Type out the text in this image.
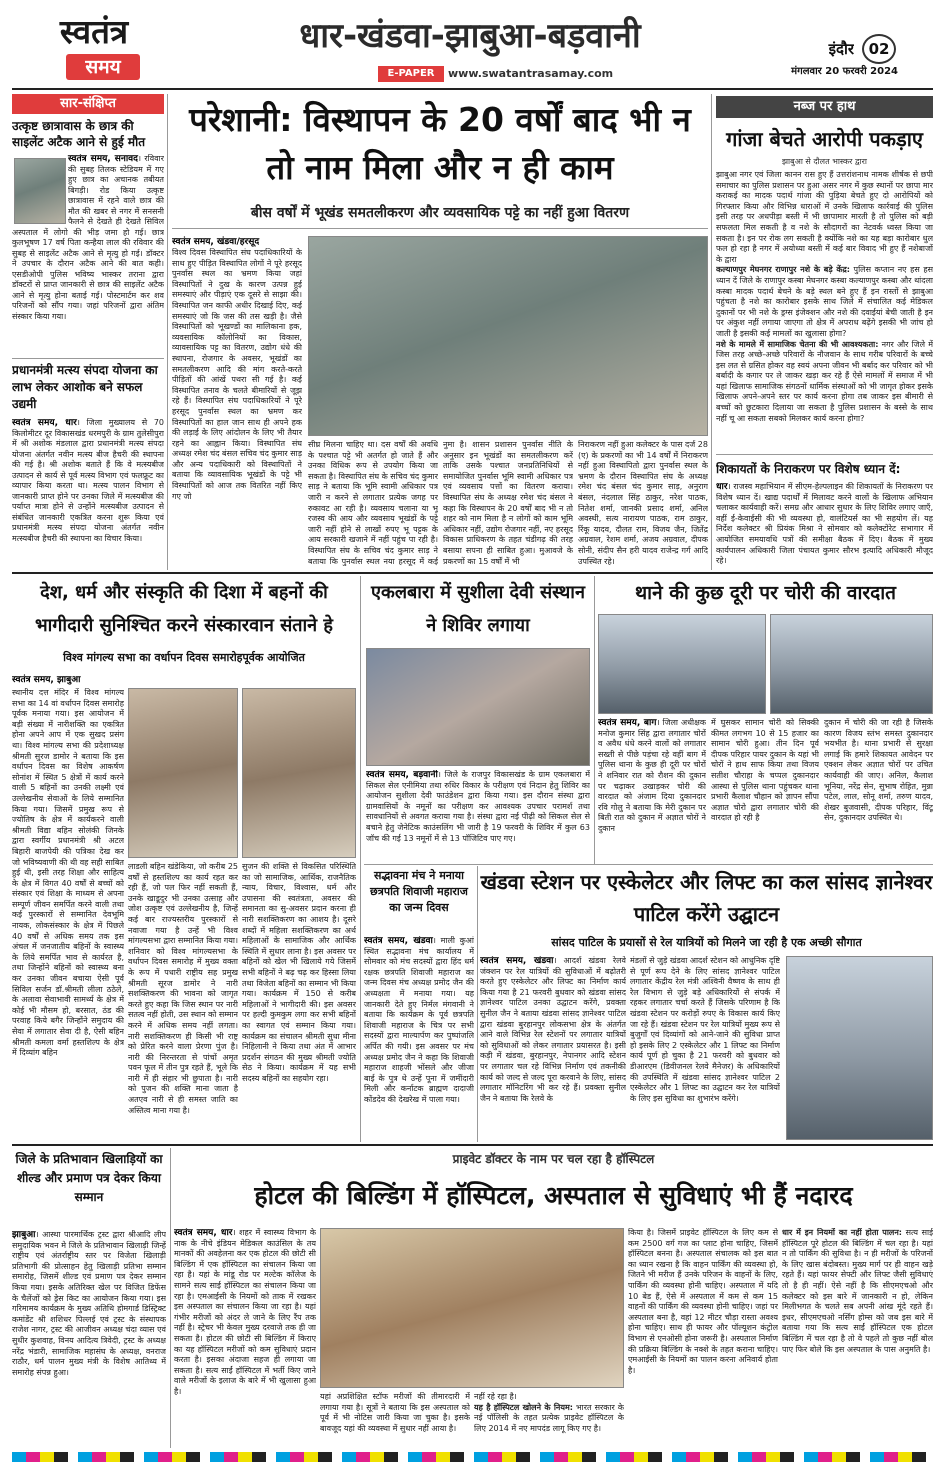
स्वतंत्र
समय
धार-खंडवा-झाबुआ-बड़वानी
E-PAPER	www.swatantrasamay.com
इंदौर 02
मंगलवार 20 फरवरी 2024
सार-संक्षिप्त
उत्कृष्ट छात्रावास के छात्र की साइलेंट अटैक आने से हुई मौत
स्वतंत्र समय, सनावद। रविवार की सुबह तिलक स्टेडियम में गए हुए छात्र का अचानक तबीयत बिगड़ी। रोड किया उत्कृष्ट छात्रावास में रहने वाले छात्र की मौत की खबर से नगर में सनसनी फैलने से देखते ही देखते सिविल अस्पताल में लोगो की भीड़ जमा हो गई। छात्र कुलभूषण 17 वर्ष पिता कन्हैया लाल की रविवार की सुबह से साइलेंट अटैक आने से मृत्यु हो गई। डॉक्टर ने उपचार के दौरान अटैक आने की बात कही। एसडीओपी पुलिस भविष्य भास्कर तराना द्वारा डॉक्टरों से प्राप्त जानकारी से छात्र की साइलेंट अटैक आने से मृत्यु होना बताई गई। पोस्टमार्टम कर शव परिजनों को सौंप गया। जहां परिजनों द्वारा अंतिम संस्कार किया गया।
प्रधानमंत्री मत्स्य संपदा योजना का लाभ लेकर आशोक बने सफल उद्यमी
स्वतंत्र समय, धार। जिला मुख्यालय से 70 किलोमीटर दूर विकासखंड धरमपुरी के ग्राम तुलेसीपुरा में श्री अशोक मंडलाल द्वारा प्रधानमंत्री मत्स्य संपदा योजना अंतर्गत नवीन मत्स्य बीज हैचरी की स्थापना की गई है। श्री अशोक बताते हैं कि वे मत्स्यबीज उत्पादन से कार्य से पूर्व मत्स्य विभाग एवं फलफ्रूट का व्यापार किया करता था। मत्स्य पालन विभाग से जानकारी प्राप्त होने पर उनका जिले में मत्स्यबीज की पर्याप्त मात्रा होने से उन्होंने मत्स्यबीज उत्पादन से संबंधित जानकारी एकत्रित करना शुरू किया एवं प्रधानमंत्री मत्स्य संपदा योजना अंतर्गत नवीन मत्स्यबीज हैचरी की स्थापना का विचार किया।
परेशानी: विस्थापन के 20 वर्षों बाद भी न तो नाम मिला और न ही काम
बीस वर्षों में भूखंड समतलीकरण और व्यवसायिक पट्टे का नहीं हुआ वितरण
स्वतंत्र समय, खंडवा/हरसूद
विश्व दिवस विस्थापित संघ पदाधिकारियों के साथ हुए पीड़ित विस्थापित लोगों ने पूरे हरसूद पुनर्वास स्थल का भ्रमण किया जहां विस्थापितों ने दुख के कारण उत्पन्न हुई समस्याएं और पीड़ाएं एक दूसरे से साझा की। विस्थापित जन काफी अधीर दिखाई दिए, कई समस्याएं जो कि जस की तस खड़ी है। जैसे विस्थापितों को भूखण्डों का मालिकाना हक, व्यवसायिक कॉलोनियों का विकास, व्यावसायिक पट्ट का वितरण, उद्योग धंधे की स्थापना, रोजगार के अवसर, भूखंडों का समतलीकरण आदि की मांग करते-करते पीड़ितों की आंखें पथरा सी गई है। कई विस्थापित तनाव के चलते बीमारियों से जूझ रहे हैं। विस्थापित संघ पदाधिकारियों ने पूरे हरसूद पुनर्वास स्थल का भ्रमण कर विस्थापितों का हाल जान साथ ही अपने हक की लड़ाई के लिए आंदोलन के लिए भी तैयार रहने का आह्वान किया। विस्थापित संघ अध्यक्ष रमेश चंद बंसल सचिव चंद कुमार साड़ और अन्य पदाधिकारी को विस्थापितों ने बताया कि व्यावसायिक भूखंडों के पट्टे भी विस्थापितों को आज तक वितरित नहीं किए गए जो
सीघ्र मिलना चाहिए था। दस वर्षों की अवधि के पश्चात पट्टे भी अतर्गत हो जाते हैं और उनका विधिक रूप से उपयोग किया जा सकता है। विस्थापित संघ के सचिव चंद कुमार साड़ ने बताया कि भूमि स्वामी अधिकार पत्र जारी न करने से लगातार प्रत्येक जगह पर रुकावट आ रही है। व्यवसाय चलाना या भू रजस्व की आय और व्यवसाय भूखंडों के पट्टे जारी नहीं होने से लाखों रुपए भू पट्टक के आय सरकारी खजाने में नहीं पहुंच पा रही है। विस्थापित संघ के सचिव चंद कुमार साड़ ने बताया कि पुनर्वास स्थल नया हरसूद में कई
नुमा है। शासन प्रशासन पुनर्वास नीति के अनुसार इन भूखंडों का समतलीकरण करें ताकि उसके पश्चात जनप्रतिनिधियों से समायोजित पुनर्वास भूमि स्वामी अधिकार पत्र एवं व्यवसाय पत्तों का वितरण कराया। विस्थापित संघ के अध्यक्ष रमेश चंद बंसल ने कहा कि विस्थापन के 20 वर्षों बाद भी न तो शहर को नाम मिला है न लोगों को काम भूमि अधिकार नहीं, उद्योग रोजगार नहीं, नए हरसूद विकास प्राधिकरण के तहत चंडीगढ़ की तरह बसाया सपना ही साबित हुआ। मुआवजे के प्रकरणों का 15 वर्षों में भी
निराकरण नहीं हुआ कलेक्टर के पास दर्ज 28 (ए) के प्रकरणों का भी 14 वर्षों में निराकरण नहीं हुआ विस्थापितो द्वारा पुनर्वास स्थल के भ्रमण के दौरान विस्थापित संघ के अध्यक्ष रमेश चंद बंसल चंद कुमार साड़, अनुराग बंसल, नंदलाल सिंह ठाकुर, नरेश पाठक, नितेश शर्मा, जानकी प्रसाद शर्मा, अनिल अवस्थी, सत्य नारायण पाठक, राम ठाकुर, रिंकू यादव, दौलत राम, विजय जैन, जितेंद्र अग्रवाल, रेशम शर्मा, अजय अग्रवाल, दीपक सोनी, संदीप सैन हरी यादव राजेन्द्र गर्ग आदि उपस्थित रहे।
नब्ज पर हाथ
गांजा बेचते आरोपी पकड़ाए
झाबुआ से दौलत भास्कर द्वारा
झाबुआ नगर एवं जिला कानन रास हुए हैं उत्तरांशनाथ नामक शीर्षक से छपी समाचार का पुलिस प्रशासन पर हुआ असर नगर में कुछ स्थानों पर छापा मार कराकई का मादक पदार्थ गांजा की पुड़िया बेचते हुए दो आरोपियों को गिरफ्तार किया और विभिन्न धाराओं में उनके खिलाफ कार्रवाई की पुलिस इसी तरह पर अधपीड़ा बस्ती में भी छापामार मारती है तो पुलिस को बड़ी सफलता मिल सकती है व नशे के सौदागरों का नेटवर्क ध्वस्त किया जा सकता है। इन पर रोक लग सकती है क्योंकि नशे का यह बड़ा कारोबार धुल फल हो रहा है नगर में अयोध्या बस्ती में कई बार विवाद भी हुए हैं नशेबाजों के द्वारा
कल्याणपुर मेघनगर राणापुर नशे के बड़े केंद्र: पुलिस कप्तान नए हस हस ध्यान दें जिले के राणापुर कस्बा मेघनगर कस्बा कल्याणपुर कस्बा और थांदला कस्बा मादक पदार्थ बेचने के बड़े स्थल बने हुए हैं इन रास्तों से झाबुआ पहुंचता है नशे का कारोबार इसके साथ जिले में संचालित कई मेडिकल दुकानों पर भी नशे के ड्रग्स इंजेक्शन और नशे की दवाईयां बेची जाती है इन पर अंकुश नहीं लगाया जाएगा तो क्षेत्र में अपराध बढ़ेंगे इसकी भी जांच हो जाती है इसकी कई मामलों का खुलासा होगा?
नशे के मामले में सामाजिक चेतना की भी आवश्यकता: नगर और जिले में जिस तरह अच्छे-अच्छे परिवारों के नौजवान के साथ गरीब परिवारों के बच्चे इस लत से ग्रसित होकर वह स्वयं अपना जीवन भी बर्बाद कर परिवार को भी बर्बादी के कगार पर ले जाकर खड़ा कर रहे हैं ऐसे मामलों में समाज में भी यहां खिलाफ सामाजिक संगठनों धार्मिक संस्थाओं को भी जागृत होकर इसके खिलाफ अपने-अपने स्तर पर कार्य करना होगा तब जाकर इस बीमारी से बच्चों को छुटकारा दिलाया जा सकता है पुलिस प्रशासन के बस्से के साथ नहीं चू आ सकता सबको मिलकर कार्य करना होगा?
शिकायतों के निराकरण पर विशेष ध्यान दें:
धार। राजस्व महाभियान में सीएम-हेल्पलाइन की शिकायतों के निराकरण पर विशेष ध्यान दें। खाद्य पदार्थों में मिलावट करने वालों के खिलाफ अभियान चलाकर कार्यवाही करें। समग्र और आधार सुधार के लिए शिविर लगाए जाएँ, वहीं ई-केवाईसी की भी व्यवस्था हो, वालंटियर्स का भी सहयोग लें। यह निर्देश कलेक्टर श्री प्रियंक मिश्रा ने सोमवार को कलेक्टोरेट सभागार में आयोजित समयावधि पत्रों की समीक्षा बैठक में दिए। बैठक में मुख्य कार्यपालन अधिकारी जिला पंचायत कुमार सौरभ इत्यादि अधिकारी मौजूद रहे।
देश, धर्म और संस्कृति की दिशा में बहनों की भागीदारी सुनिश्चित करने संस्कारवान संताने हे
विश्व मांगल्य सभा का वर्धापन दिवस समारोहपूर्वक आयोजित
स्वतंत्र समय, झाबुआ
स्थानीय दत्त मंदिर में विश्व मांगल्य सभा का 14 वां वर्धापन दिवस समारोह पूर्वक मनाया गया। इस आयोजन में बड़ी संख्या में नारीशक्ति का एकत्रित होना अपने आप में एक सुखद प्रसंग था। विश्व मांगल्य सभा की प्रदेशाध्यक्ष श्रीमती सुरज डामोर ने बताया कि इस वर्धापन दिवस का विशेष आकर्षण सोनांश में स्थित 5 क्षेत्रों में कार्य करने वाली 5 बहिनों का उनकी लक्ष्मी एवं उल्लेखनीय सेवाओं के लिये सम्मानित किया गया। जिसमें प्रमुख रूप से ज्योतिष के क्षेत्र में कार्यकरने वाली श्रीमती विद्या बहिन सोलंकी जिनके द्वारा स्वर्गीय प्रधानमंत्री श्री अटल बिहारी बाजपेयी की पत्रिका देख कर जो भविष्यवाणी की थी वह सही साबित हुई थी, इसी तरह शिक्षा और साहित्य के क्षेत्र में विगत 40 वर्षों से बच्चों को संस्कार एवं शिक्षा के माध्यम से अपना सम्पूर्ण जीवन समर्पित करने वाली तथा कई पुरस्कारों से सम्मानित देवभूमि नायक, लोकसंस्कार के क्षेत्र में पिछले 40 वर्षों से अधिक समय तक इस अंचल में जनजातीय बहिनों के स्वास्थ्य के लिये समर्पित भाव से कार्यरत है, तथा जिन्होंने बहिनों को स्वास्थ्य बना कर उनका जीवन बचाया ऐसी पूर्व सिविल सर्जन डॉ.श्रीमती लीला ठठेले, के अलावा सेवाभावी सामर्थ्य के क्षेत्र में कोई भी मौसम हो, बरसात, ठंड की परवाह किये बगैर जिन्होंने समुदाय की सेवा में लगातार सेवा दी है, ऐसी बहिन श्रीमती कमला वर्मा हस्तशिल्प के क्षेत्र में दिव्यांग बहिन
लाडली बहिन खंडेकिया, जो करीब 25 वर्षों से हस्तशिल्प का कार्य रहत कर रही हैं, जो पल फिर नहीं सकती हैं, उनके खाडूदुर भी उनका उत्साह और जोश उत्कृष्ट एवं उल्लेखनीय है, जिन्हें कई बार राज्यस्तरीय पुरस्कारों से नवाजा गया है उन्हें भी विश्व मांगल्यसभा द्वारा सम्मानित किया गया। शनिवार को विश्व मांगल्यसभा के वर्धापन दिवस समारोह में मुख्य वक्ता के रूप में पधारी राष्ट्रीय सह प्रमुख श्रीमती सूरज डामोर ने नारी सशक्तिकरण की भावना को जागृत करते हुए कहा कि जिस स्थान पर नारी सतत्व नहीं होती, उस स्थान को सम्मान करने में अधिक समय नहीं लगता। नारी सशक्तिकरण ही किसी भी राष्ट्र को प्रेरित करने वाला प्रेरणा पुंज है। नारी की निरन्तरता से पांचों अमृत पवन फूल में तीन पुत्र रहते हैं, भूले कि नारी में ही संहार भी छुपाता है। नारी को पुजन की शक्ति माना जाता है अतएव नारी से ही समस्त जाति का अस्तित्व माना गया है।
सुजन की शक्ति से विकसित परिस्थिति का जो सामाजिक, आर्थिक, राजनैतिक न्याय, विचार, विश्वास, धर्म और उपासना की स्वतंत्रता, अवसर की समानता का सु-अवसर प्रदान करना ही नारी सशक्तिकरण का आशय है। दूसरे शब्दों में महिला सशक्तिकरण का अर्थ महिलाओं के सामाजिक और आर्थिक स्थिति में सुधार लाना है। इस अवसर पर बहिनों को खेल भी खिलाये गये जिसमें सभी बहिनों ने बढ़ चढ़ कर हिस्सा लिया तथा विजेता बहिनों का सम्मान भी किया गया। कार्यक्रम में 150 से करीब महिलाओं ने भागीदारी की। इस अवसर पर हल्दी कुमकुम लगा कर सभी बहिनों का स्वागत एवं सम्मान किया गया। कार्यक्रम का संचालन श्रीमती सुधा मीना निहिलानी ने किया तथा अंत में आभार प्रदर्शन संगठन की मुख्य श्रीमती ज्योति सेठ ने किया। कार्यक्रम में यह सभी सदस्य बहिनों का सहयोग रहा।
एकलबारा में सुशीला देवी संस्थान ने शिविर लगाया
स्वतंत्र समय, बड़वानी। जिले के राजपुर विकासखंड के ग्राम एकलबारा में सिकल सेल एनीमिया तथा रुधिर विकार के परीक्षण एवं निदान हेतु शिविर का आयोजन सुशीला देवी फाउंडेशन द्वारा किया गया। इस दौरान संस्था द्वारा ग्रामवासियों के नमूनों का परीक्षण कर आवश्यक उपचार परामर्श तथा सावधानियों से अवगत कराया गया है। संस्था द्वारा नई पीढ़ी को सिकल सेल से बचाने हेतु जेनेटिक काउंसलिंग भी जारी है 19 फरवरी के शिविर में कुल 63 जॉच की गई 13 नमूनों में से 13 पॉजिटिव पाए गए।
सद्भावना मंच ने मनाया छत्रपति शिवाजी महाराज का जन्म दिवस
स्वतंत्र समय, खंडवा। माली कुआं स्थित सद्भावना मंच कार्यालय में सोमवार को मंच सदस्यों द्वारा हिंद धर्म रक्षक छत्रपति शिवाजी महाराज का जन्म दिवस मंच अध्यक्ष प्रमोद जैन की अध्यक्षता में मनाया गया। यह जानकारी देते हुए निर्मल मंगवानी ने बताया कि कार्यक्रम के पूर्व छत्रपति शिवाजी महाराज के चित्र पर सभी सदस्यों द्वारा माल्यार्पण कर पुष्पांजलि अर्पित की गयी। इस अवसर पर मंच अध्यक्ष प्रमोद जैन ने कहा कि शिवाजी महाराज शाहजी भोंसले और जीजा बाई के पुत्र थे उन्हें पूना में जमींदारी मिली और कर्नाटक ब्राह्मण दादाजी कोंडदेव की देखरेख में पाला गया।
थाने की कुछ दूरी पर चोरी की वारदात
स्वतंत्र समय, बाग। जिला अधीक्षक मनोज कुमार सिंह द्वारा लगातार चोरों व अवैध धंधे करने वालों को लगातार सख्ती से पीछे पड़ंचा रहे वहीं बाग में पुलिस थाना के कुछ ही दूरी पर चोरों ने शनिवार रात को रौशन की दुकान पर चढ़ाकर उखाड़कर चोरी की वारदात को अंजाम दिया दुकानदार रवि गोलु ने बताया कि मेरी दुकान पर बिती रात को दुकान में अज्ञात चोरों ने दुकान
में घुसकर सामान चोरी को सिक्की कीमत लगभग 10 से 15 हजार का सामान चोरी हुआ। तीन दिन पूर्व दीपक परिहार पायर दुकान के यहां भी चोरों ने हाथ साफ किया तथा विजय सतीश चौराहा के चप्पल दुकानदार आस्था से पुलिस थाना पहुंचकर थाना प्रभारी कैलाश चौहान को ज्ञापन सौंपा अज्ञात चोरो द्वारा लगातार चोरी की वारदात हो रही है
दुकान में चोरी की जा रही है जिसके कारण विजय स्तंभ समस्त दुकानदार भयभीत है। थाना प्रभारी से सुरक्षा लगाई कि हमारे शिकायत आवेदन पर एक्शन लेकर अज्ञात चोरों पर उचित कार्यवाही की जाए। अनिल, कैलाश भूनिया, नरेंद्र सेन, सुभाष रोहित, मुन्ना पटेल, लाल, सोनू शर्मा, तरुण यादव, शेखर बुजवासी, दीपक परिहार, विंटू सेन, दुकानदार उपस्थित थे।
खंडवा स्टेशन पर एस्केलेटर और लिफ्ट का कल सांसद ज्ञानेश्वर पाटिल करेंगे उद्घाटन
सांसद पाटिल के प्रयासों से रेल यात्रियों को मिलने जा रही है एक अच्छी सौगात
स्वतंत्र समय, खंडवा। आदर्श खंडवा रेलवे जंक्शन पर रेल यात्रियों की सुविधाओं में बढ़ोतरी करते हुए एस्केलेटर और लिफ्ट का निर्माण कार्य किया गया है 21 फरवरी बुधवार को खंडवा सांसद ज्ञानेश्वर पाटिल उनका उद्घाटन करेंगे, प्रवक्ता सुनील जैन ने बताया खंडवा सांसद ज्ञानेश्वर पाटिल द्वारा खंडवा बुरहानपुर लोकसभा क्षेत्र के अंतर्गत आने वाले विभिन्न रेल स्टेशनों पर लगातार यात्रियों को सुविधाओं को लेकर लगातार प्रयासरत है। इसी कड़ी में खंडवा, बुरहानपुर, नेपानगर आदि स्टेशन पर लगातार चल रहे विभिन्न निर्माण एवं तकनीकी कार्य को जल्द से जल्द पूरा करवाने के लिए, सांसद लगातार मॉनिटरिंग भी कर रहे हैं। प्रवक्ता सुनील जैन ने बताया कि रेलवे के
मंडलों से जुड़े खंडवा आदर्श स्टेशन को आधुनिक दृष्टि से पूर्ण रूप देने के लिए सांसद ज्ञानेश्वर पाटिल लगातार केंद्रीय रेल मंत्री अश्विनी वैष्णव के साथ ही रेल विभाग से जुड़े बड़े अधिकारियों से संपर्क में रहकर लगातार चर्चा करते हैं जिसके परिणाम है कि खंडवा स्टेशन पर करोड़ों रुपए के विकास कार्य किए जा रहे हैं। खंडवा स्टेशन पर रेल यात्रियों मुख्य रूप से बुजुर्गों एवं दिव्यांगों को आने-जाने की सुविधा प्राप्त हो इसके लिए 2 एस्केलेटर और 1 लिफ्ट का निर्माण कार्य पूर्ण हो चुका है 21 फरवरी को बुधवार को डीआरएम (डिवीजनल रेलवे मैनेजर) के अधिकारियों की उपस्थिति में खंडवा सांसद ज्ञानेश्वर पाटिल 2 एस्केलेटर और 1 लिफ्ट का उद्घाटन कर रेल यात्रियों के लिए इस सुविधा का शुभारंभ करेंगे।
जिले के प्रतिभावान खिलाड़ियों का शील्ड और प्रमाण पत्र देकर किया सम्मान
झाबुआ। आस्था पारमार्थिक ट्रस्ट द्वारा श्रीआदि लीप समुदायिक भवन मे जिले के प्रतिभावान खिलाड़ी जिन्हें राष्ट्रीय एवं अंतर्राष्ट्रीय स्तर पर विजेता खिलाड़ी प्रतिभागी की प्रोत्साहन हेतु खिलाड़ी प्रतिभा सम्मान समारोह, जिसमें शील्ड एवं प्रमाण पत्र देकर सम्मान किया गया। इसके अतिरिक्त खेल पर विजित डिफेंस के चैलेंजों को ड्रेस किट का आयोजन किया गया। इस गरिमामय कार्यक्रम के मुख्य अतिथि होमगार्ड डिस्ट्रिक्ट कमांडेंट श्री शशिधर पिल्लई एवं ट्रस्ट के संस्थापक राजेश नागर, ट्रस्ट की आजीवन अध्यक्ष चंदा व्यास एवं सुधीर कुशवाह, विनय आदित्य त्रिवेदी, ट्रस्ट के अध्यक्ष नरेंद्र भंडारी, सामाजिक महासंघ के अध्यक्ष, वनराज राठौर, धर्म पालन मुख्य मंत्री के विशेष आतिथ्य में समारोह संपन्न हुआ।
प्राइवेट डॉक्टर के नाम पर चल रहा है हॉस्पिटल
होटल की बिल्डिंग में हॉस्पिटल, अस्पताल से सुविधाएं भी हैं नदारद
स्वतंत्र समय, धार। शहर में स्वास्थ्य विभाग के नाक के नीचे इंडियन मेडिकल काउंसिल के तय मानकों की अवहेलना कर एक होटल की छोटी सी बिल्डिंग में एक हॉस्पिटल का संचालन किया जा रहा है। यहां के मांडू रोड पर मल्टेक कॉलेज के सामने सत्य साई हॉस्पिटल का संचालन किया जा रहा है। एमआईसी के नियमों को ताक में रखकर इस अस्पताल का संचालन किया जा रहा है। यहां गंभीर मरीजों को अंदर ले जाने के लिए रैंप तक नहीं है। स्ट्रेचर भी केवल मुख्य दरवाजे तक ही जा सकता है। होटल की छोटी सी बिल्डिंग में किराए का यह हॉस्पिटल मरीजों को कम सुविधाएं प्रदान करता है। इसका अंदाजा सहज ही लगाया जा सकता है। सत्य साईं हॉस्पिटल में भर्ती किए जाने वाले मरीजों के इलाज के बारे में भी खुलासा हुआ है।
यहां अप्रशिक्षित स्टॉफ मरीजों की तीमारदारी में लगाया गया है। सूत्रों ने बताया कि इस अस्पताल को पूर्व में भी नोटिस जारी किया जा चुका है। इसके बावजूद यहां की व्यवस्था में सुधार नहीं आया है।
नहीं रहे रहा है।
यह है हॉस्पिटल खोलने के नियम: भारत सरकार के नई पॉलिसी के तहत प्रत्येक प्राइवेट हॉस्पिटल के लिए 2014 में नए मापदंड लागू किए गए है।
किया है। जिसमें प्राइवेट हॉस्पिटल के लिए कम से कम 2500 वर्ग गज का प्लाट होना चाहिए, जिसमें हॉस्पिटल बनना है। अस्पताल संचालक को इस बात का ध्यान रखना है कि वाहन पार्किंग की व्यवस्था हो, जितने भी मरीज हैं उनके परिजन के वाहनों के लिए, पार्किंग की व्यवस्था होनी चाहिए। अस्पताल में यदि 10 बेड हैं, ऐसे में अस्पताल में कम से कम 15 वाहनों की पार्किंग की व्यवस्था होनी चाहिए। जहां पर अस्पताल बना है, वहां 12 मीटर चौड़ा रास्ता अवश्य होना चाहिए। साथ ही फायर और पॉल्यूशन कंट्रोल विभाग से एनओसी होना जरूरी है। अस्पताल निर्माण की प्रक्रिया बिल्डिंग के नक्शे के तहत कराना चाहिए। एमआईसी के नियमों का पालन करना अनिवार्य होता है।
धार में इन नियमों का नहीं होता पालन: सत्य साई हॉस्पिटल पूरे होटल की बिल्डिंग में चल रहा है। यहां न तो पार्किंग की सुविधा है। न ही मरीजों के परिजनों के लिए खास बंदोबस्त। मुख्य मार्ग पर ही वाहन खड़े रहते हैं। यहां फायर सेफ्टी और लिफ्ट जैसी सुविधाएं तो है ही नहीं। ऐसे नहीं है कि सीएमएचओ और कलेक्टर को इस बारे में जानकारी न हो, लेकिन मिलीभगत के चलते सब अपनी आंख मूंदे रहते हैं। इधर, सीएमएचओ नर्सिंग होम्स को जब इस बारे में बताया गया कि सत्य साईं हॉस्पिटल एक होटल बिल्डिंग में चल रहा है तो वे पहले तो कुछ नहीं बोल पाए फिर बोले कि इस अस्पताल के पास अनुमति है।
